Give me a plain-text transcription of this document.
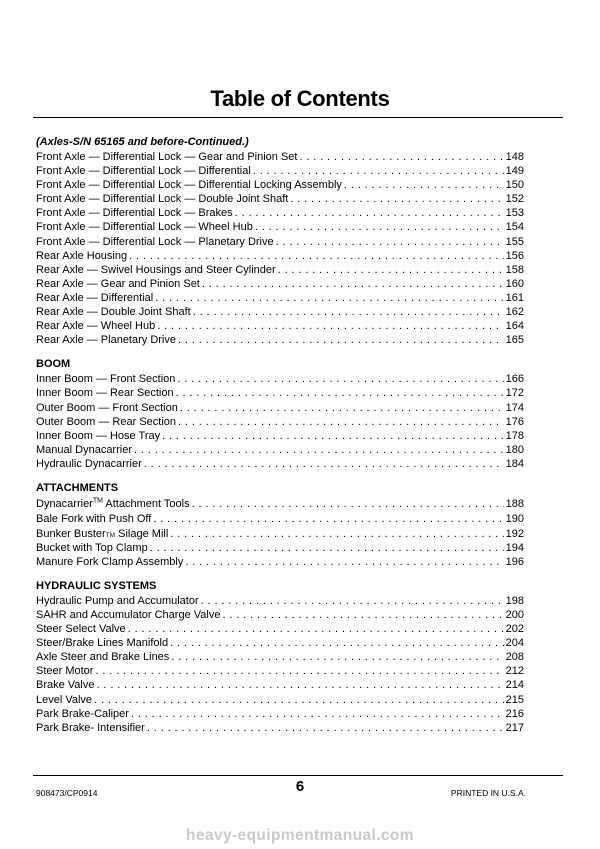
Table of Contents
(Axles-S/N 65165 and before-Continued.)
Front Axle — Differential Lock — Gear and Pinion Set . . .	148
Front Axle — Differential Lock — Differential . . .	149
Front Axle — Differential Lock — Differential Locking Assembly . . .	150
Front Axle — Differential Lock — Double Joint Shaft . . .	152
Front Axle — Differential Lock — Brakes . . .	153
Front Axle — Differential Lock — Wheel Hub . . .	154
Front Axle — Differential Lock — Planetary Drive . . .	155
Rear Axle Housing . . .	156
Rear Axle — Swivel Housings and Steer Cylinder . . .	158
Rear Axle — Gear and Pinion Set . . .	160
Rear Axle — Differential . . .	161
Rear Axle — Double Joint Shaft . . .	162
Rear Axle — Wheel Hub . . .	164
Rear Axle — Planetary Drive . . .	165
BOOM
Inner Boom — Front Section . . .	166
Inner Boom — Rear Section . . .	172
Outer Boom — Front Section . . .	174
Outer Boom — Rear Section . . .	176
Inner Boom — Hose Tray . . .	178
Manual Dynacarrier . . .	180
Hydraulic Dynacarrier . . .	184
ATTACHMENTS
Dynacarrier™ Attachment Tools . . .	188
Bale Fork with Push Off . . .	190
Bunker BusterTM Silage Mill . . .	192
Bucket with Top Clamp . . .	194
Manure Fork Clamp Assembly . . .	196
HYDRAULIC SYSTEMS
Hydraulic Pump and Accumulator . . .	198
SAHR and Accumulator Charge Valve . . .	200
Steer Select Valve . . .	202
Steer/Brake Lines Manifold . . .	204
Axle Steer and Brake Lines . . .	208
Steer Motor . . .	212
Brake Valve . . .	214
Level Valve . . .	215
Park Brake-Caliper . . .	216
Park Brake- Intensifier . . .	217
908473/CP0914	6	PRINTED IN U.S.A.
heavy-equipmentmanual.com
